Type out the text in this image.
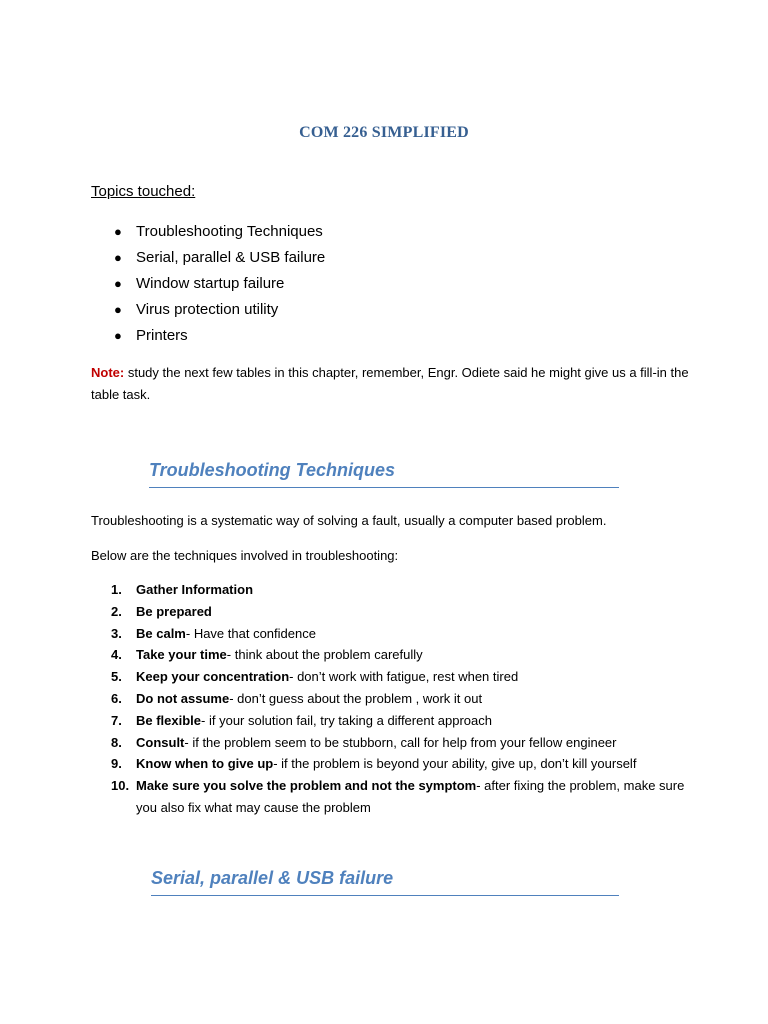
COM 226 SIMPLIFIED
Topics touched:
● Troubleshooting Techniques
● Serial, parallel & USB failure
● Window startup failure
● Virus protection utility
● Printers
Note: study the next few tables in this chapter, remember, Engr. Odiete said he might give us a fill-in the table task.
Troubleshooting Techniques
Troubleshooting is a systematic way of solving a fault, usually a computer based problem.
Below are the techniques involved in troubleshooting:
1. Gather Information
2. Be prepared
3. Be calm- Have that confidence
4. Take your time- think about the problem carefully
5. Keep your concentration- don’t work with fatigue, rest when tired
6. Do not assume- don’t guess about the problem , work it out
7. Be flexible- if your solution fail, try taking a different approach
8. Consult- if the problem seem to be stubborn, call for help from your fellow engineer
9. Know when to give up- if the problem is beyond your ability, give up, don’t kill yourself
10. Make sure you solve the problem and not the symptom- after fixing the problem, make sure you also fix what may cause the problem
Serial, parallel & USB failure
